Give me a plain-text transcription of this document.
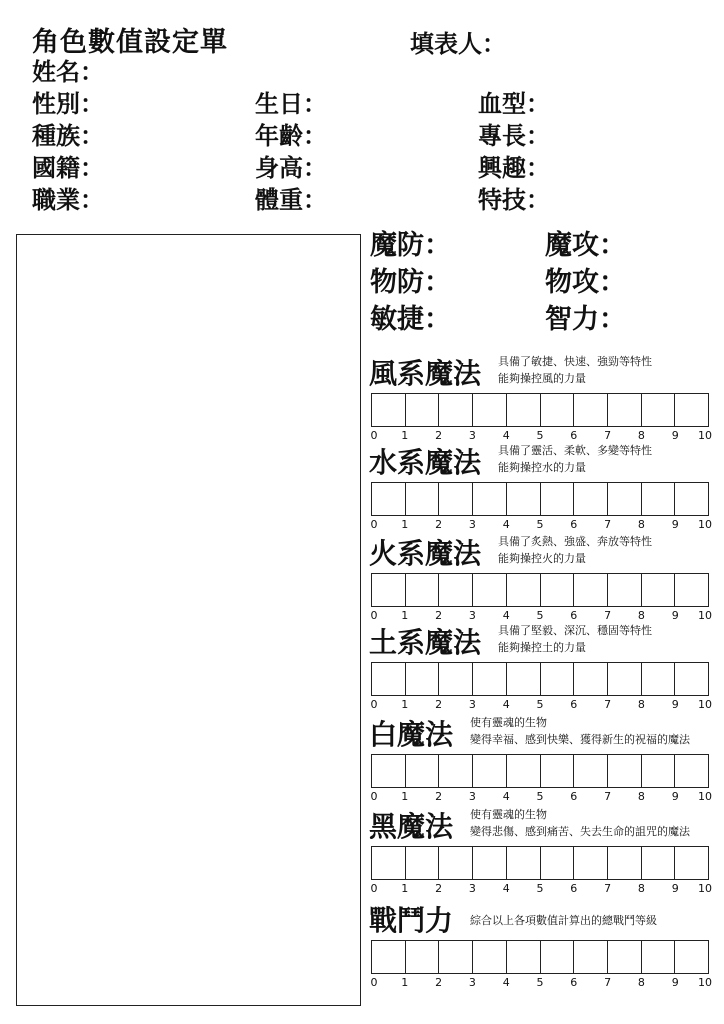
角色數值設定單	填表人：
姓名：
性別：	生日：	血型：
種族：	年齡：	專長：
國籍：	身高：	興趣：
職業：	體重：	特技：
魔防：	魔攻：
物防：	物攻：
敏捷：	智力：
風系魔法 具備了敏捷、快速、強勁等特性
能夠操控風的力量
0 1 2 3 4 5 6 7 8 9 10
水系魔法 具備了靈活、柔軟、多變等特性
能夠操控水的力量
0 1 2 3 4 5 6 7 8 9 10
火系魔法 具備了炙熱、強盛、奔放等特性
能夠操控火的力量
0 1 2 3 4 5 6 7 8 9 10
土系魔法 具備了堅毅、深沉、穩固等特性
能夠操控土的力量
0 1 2 3 4 5 6 7 8 9 10
白魔法 使有靈魂的生物
變得幸福、感到快樂、獲得新生的祝福的魔法
0 1 2 3 4 5 6 7 8 9 10
黑魔法 使有靈魂的生物
變得悲傷、感到痛苦、失去生命的詛咒的魔法
0 1 2 3 4 5 6 7 8 9 10
戰鬥力 綜合以上各項數值計算出的總戰鬥等級
0 1 2 3 4 5 6 7 8 9 10
